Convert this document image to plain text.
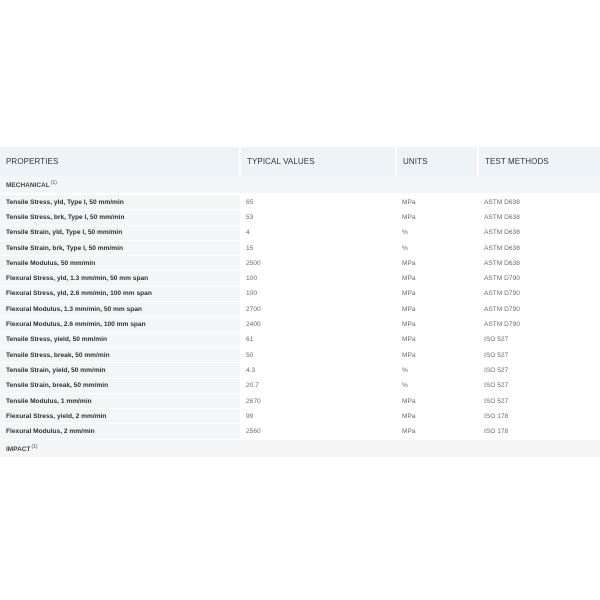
PROPERTIES	TYPICAL VALUES	UNITS	TEST METHODS
MECHANICAL$^{(1)}$

Tensile Stress, yld, Type I, 50 mm/min	65	MPa	ASTM D638
Tensile Stress, brk, Type I, 50 mm/min	53	MPa	ASTM D638
Tensile Strain, yld, Type I, 50 mm/min	4	%	ASTM D638
Tensile Strain, brk, Type I, 50 mm/min	15	%	ASTM D638
Tensile Modulus, 50 mm/min	2500	MPa	ASTM D638
Flexural Stress, yld, 1.3 mm/min, 50 mm span	100	MPa	ASTM D790
Flexural Stress, yld, 2.6 mm/min, 100 mm span	100	MPa	ASTM D790
Flexural Modulus, 1.3 mm/min, 50 mm span	2700	MPa	ASTM D790
Flexural Modulus, 2.6 mm/min, 100 mm span	2400	MPa	ASTM D790
Tensile Stress, yield, 50 mm/min	61	MPa	ISO 527
Tensile Stress, break, 50 mm/min	50	MPa	ISO 527
Tensile Strain, yield, 50 mm/min	4.3	%	ISO 527
Tensile Strain, break, 50 mm/min	20.7	%	ISO 527
Tensile Modulus, 1 mm/min	2670	MPa	ISO 527
Flexural Stress, yield, 2 mm/min	99	MPa	ISO 178
Flexural Modulus, 2 mm/min	2560	MPa	ISO 178
IMPACT$^{(1)}$
